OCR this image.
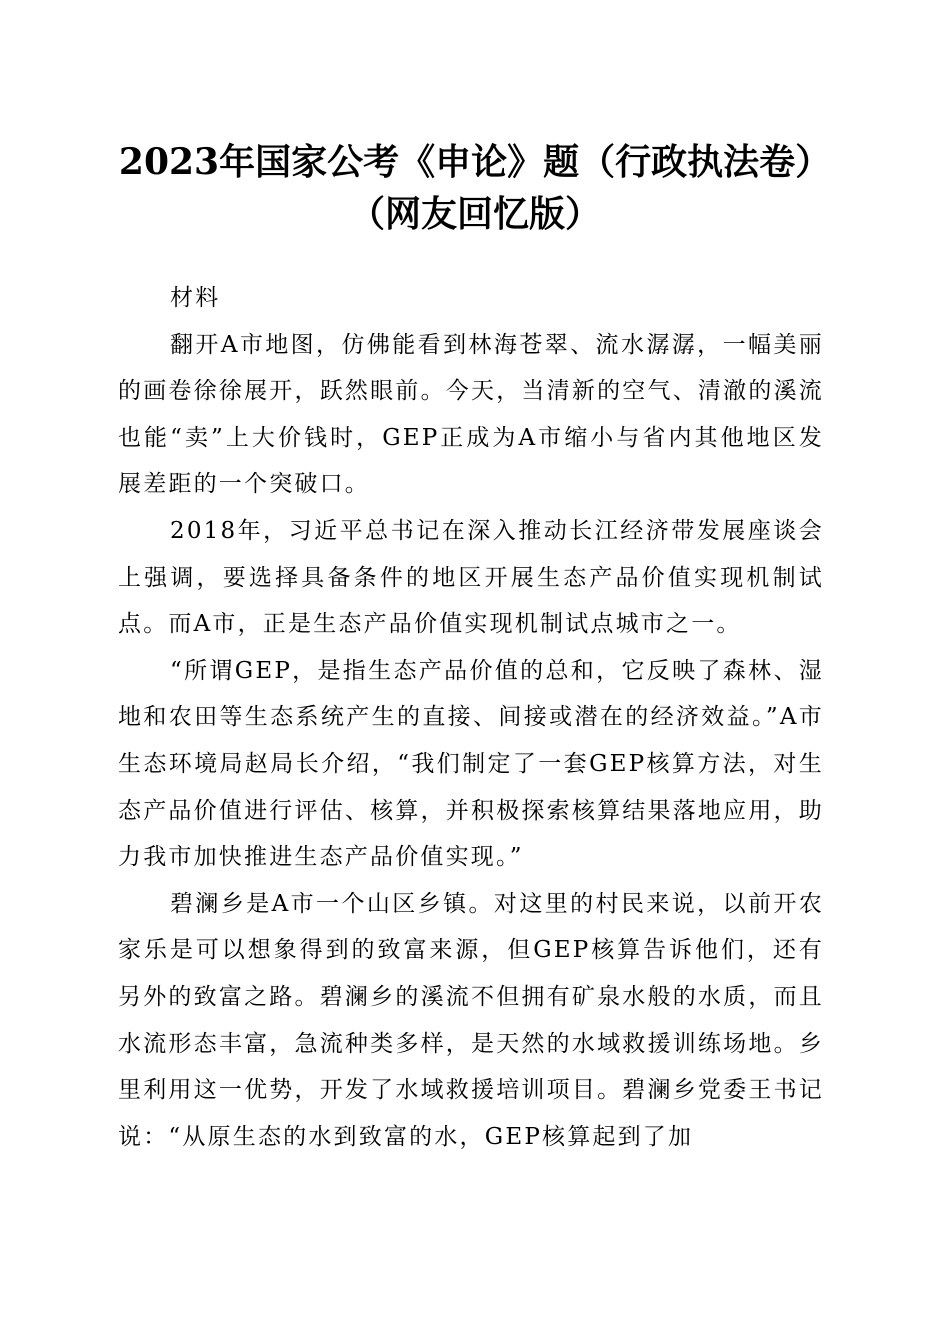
2023年国家公考《申论》题（行政执法卷）
（网友回忆版）

材料

翻开A市地图，仿佛能看到林海苍翠、流水潺潺，一幅美丽的画卷徐徐展开，跃然眼前。今天，当清新的空气、清澈的溪流也能“卖”上大价钱时，GEP正成为A市缩小与省内其他地区发展差距的一个突破口。

2018年，习近平总书记在深入推动长江经济带发展座谈会上强调，要选择具备条件的地区开展生态产品价值实现机制试点。而A市，正是生态产品价值实现机制试点城市之一。

“所谓GEP，是指生态产品价值的总和，它反映了森林、湿地和农田等生态系统产生的直接、间接或潜在的经济效益。”A市生态环境局赵局长介绍，“我们制定了一套GEP核算方法，对生态产品价值进行评估、核算，并积极探索核算结果落地应用，助力我市加快推进生态产品价值实现。”

碧澜乡是A市一个山区乡镇。对这里的村民来说，以前开农家乐是可以想象得到的致富来源，但GEP核算告诉他们，还有另外的致富之路。碧澜乡的溪流不但拥有矿泉水般的水质，而且水流形态丰富，急流种类多样，是天然的水域救援训练场地。乡里利用这一优势，开发了水域救援培训项目。碧澜乡党委王书记说：“从原生态的水到致富的水，GEP核算起到了加
